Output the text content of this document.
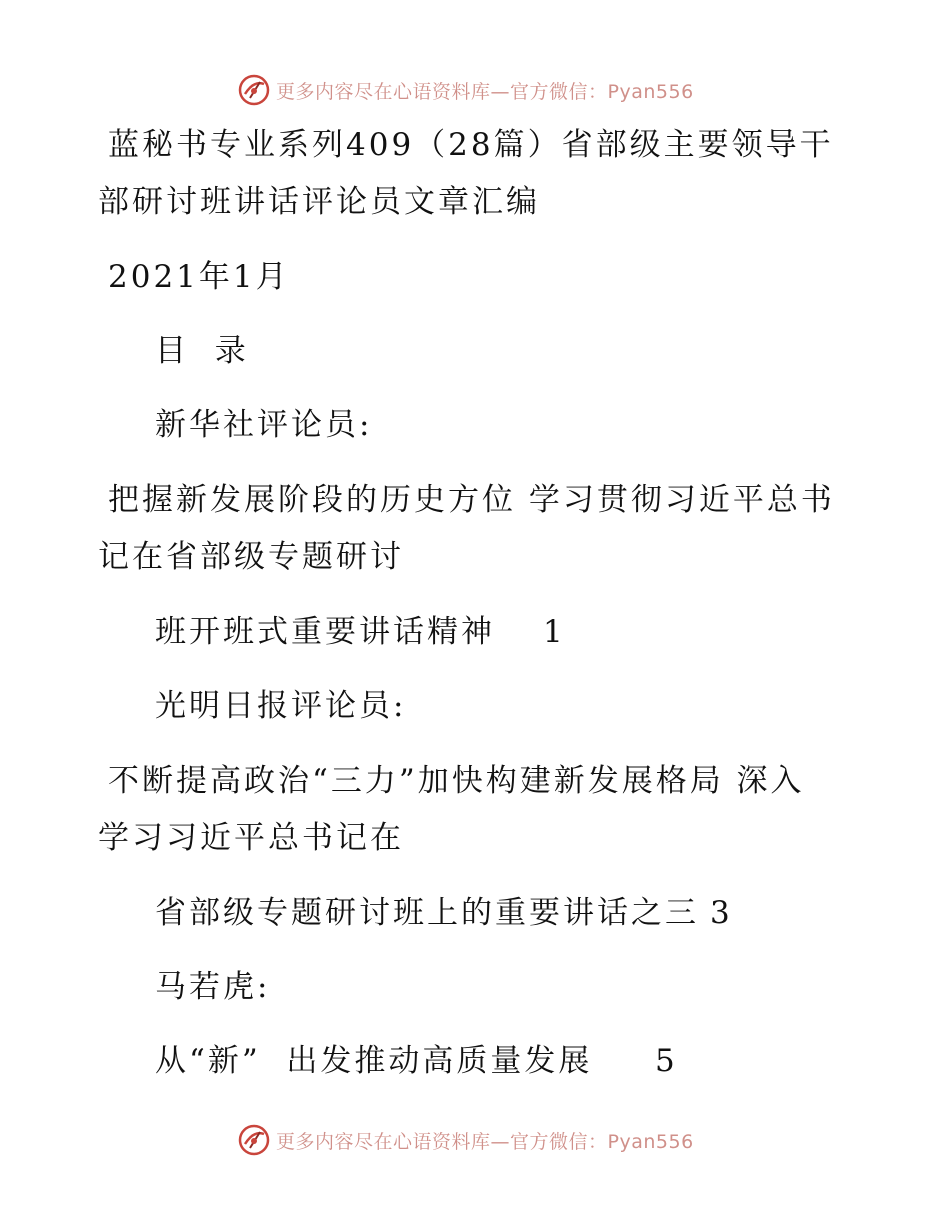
更多内容尽在心语资料库—官方微信：Pyan556
蓝秘书专业系列409（28篇）省部级主要领导干
部研讨班讲话评论员文章汇编
2021年1月
目  录
新华社评论员:
把握新发展阶段的历史方位 学习贯彻习近平总书
记在省部级专题研讨
班开班式重要讲话精神 1
光明日报评论员:
不断提高政治“三力”加快构建新发展格局 深入
学习习近平总书记在
省部级专题研讨班上的重要讲话之三 3
马若虎:
从“新”  出发推动高质量发展 5
更多内容尽在心语资料库—官方微信：Pyan556
